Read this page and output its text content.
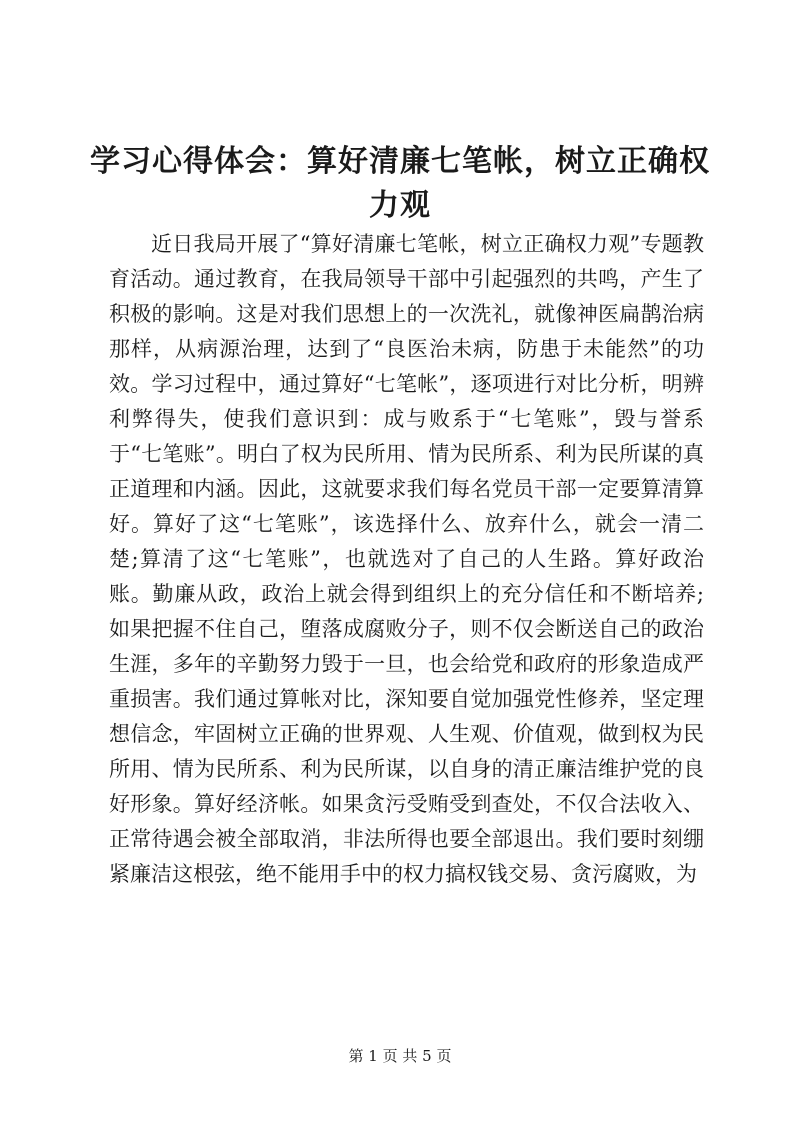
学习心得体会：算好清廉七笔帐，树立正确权力观

近日我局开展了“算好清廉七笔帐，树立正确权力观”专题教育活动。通过教育，在我局领导干部中引起强烈的共鸣，产生了积极的影响。这是对我们思想上的一次洗礼，就像神医扁鹊治病那样，从病源治理，达到了“良医治未病，防患于未能然”的功效。学习过程中，通过算好“七笔帐”，逐项进行对比分析，明辨利弊得失，使我们意识到：成与败系于“七笔账”，毁与誉系于“七笔账”。明白了权为民所用、情为民所系、利为民所谋的真正道理和内涵。因此，这就要求我们每名党员干部一定要算清算好。算好了这“七笔账”，该选择什么、放弃什么，就会一清二楚;算清了这“七笔账”，也就选对了自己的人生路。算好政治账。勤廉从政，政治上就会得到组织上的充分信任和不断培养;如果把握不住自己，堕落成腐败分子，则不仅会断送自己的政治生涯，多年的辛勤努力毁于一旦，也会给党和政府的形象造成严重损害。我们通过算帐对比，深知要自觉加强党性修养，坚定理想信念，牢固树立正确的世界观、人生观、价值观，做到权为民所用、情为民所系、利为民所谋，以自身的清正廉洁维护党的良好形象。算好经济帐。如果贪污受贿受到查处，不仅合法收入、正常待遇会被全部取消，非法所得也要全部退出。我们要时刻绷紧廉洁这根弦，绝不能用手中的权力搞权钱交易、贪污腐败，为

第 1 页 共 5 页
